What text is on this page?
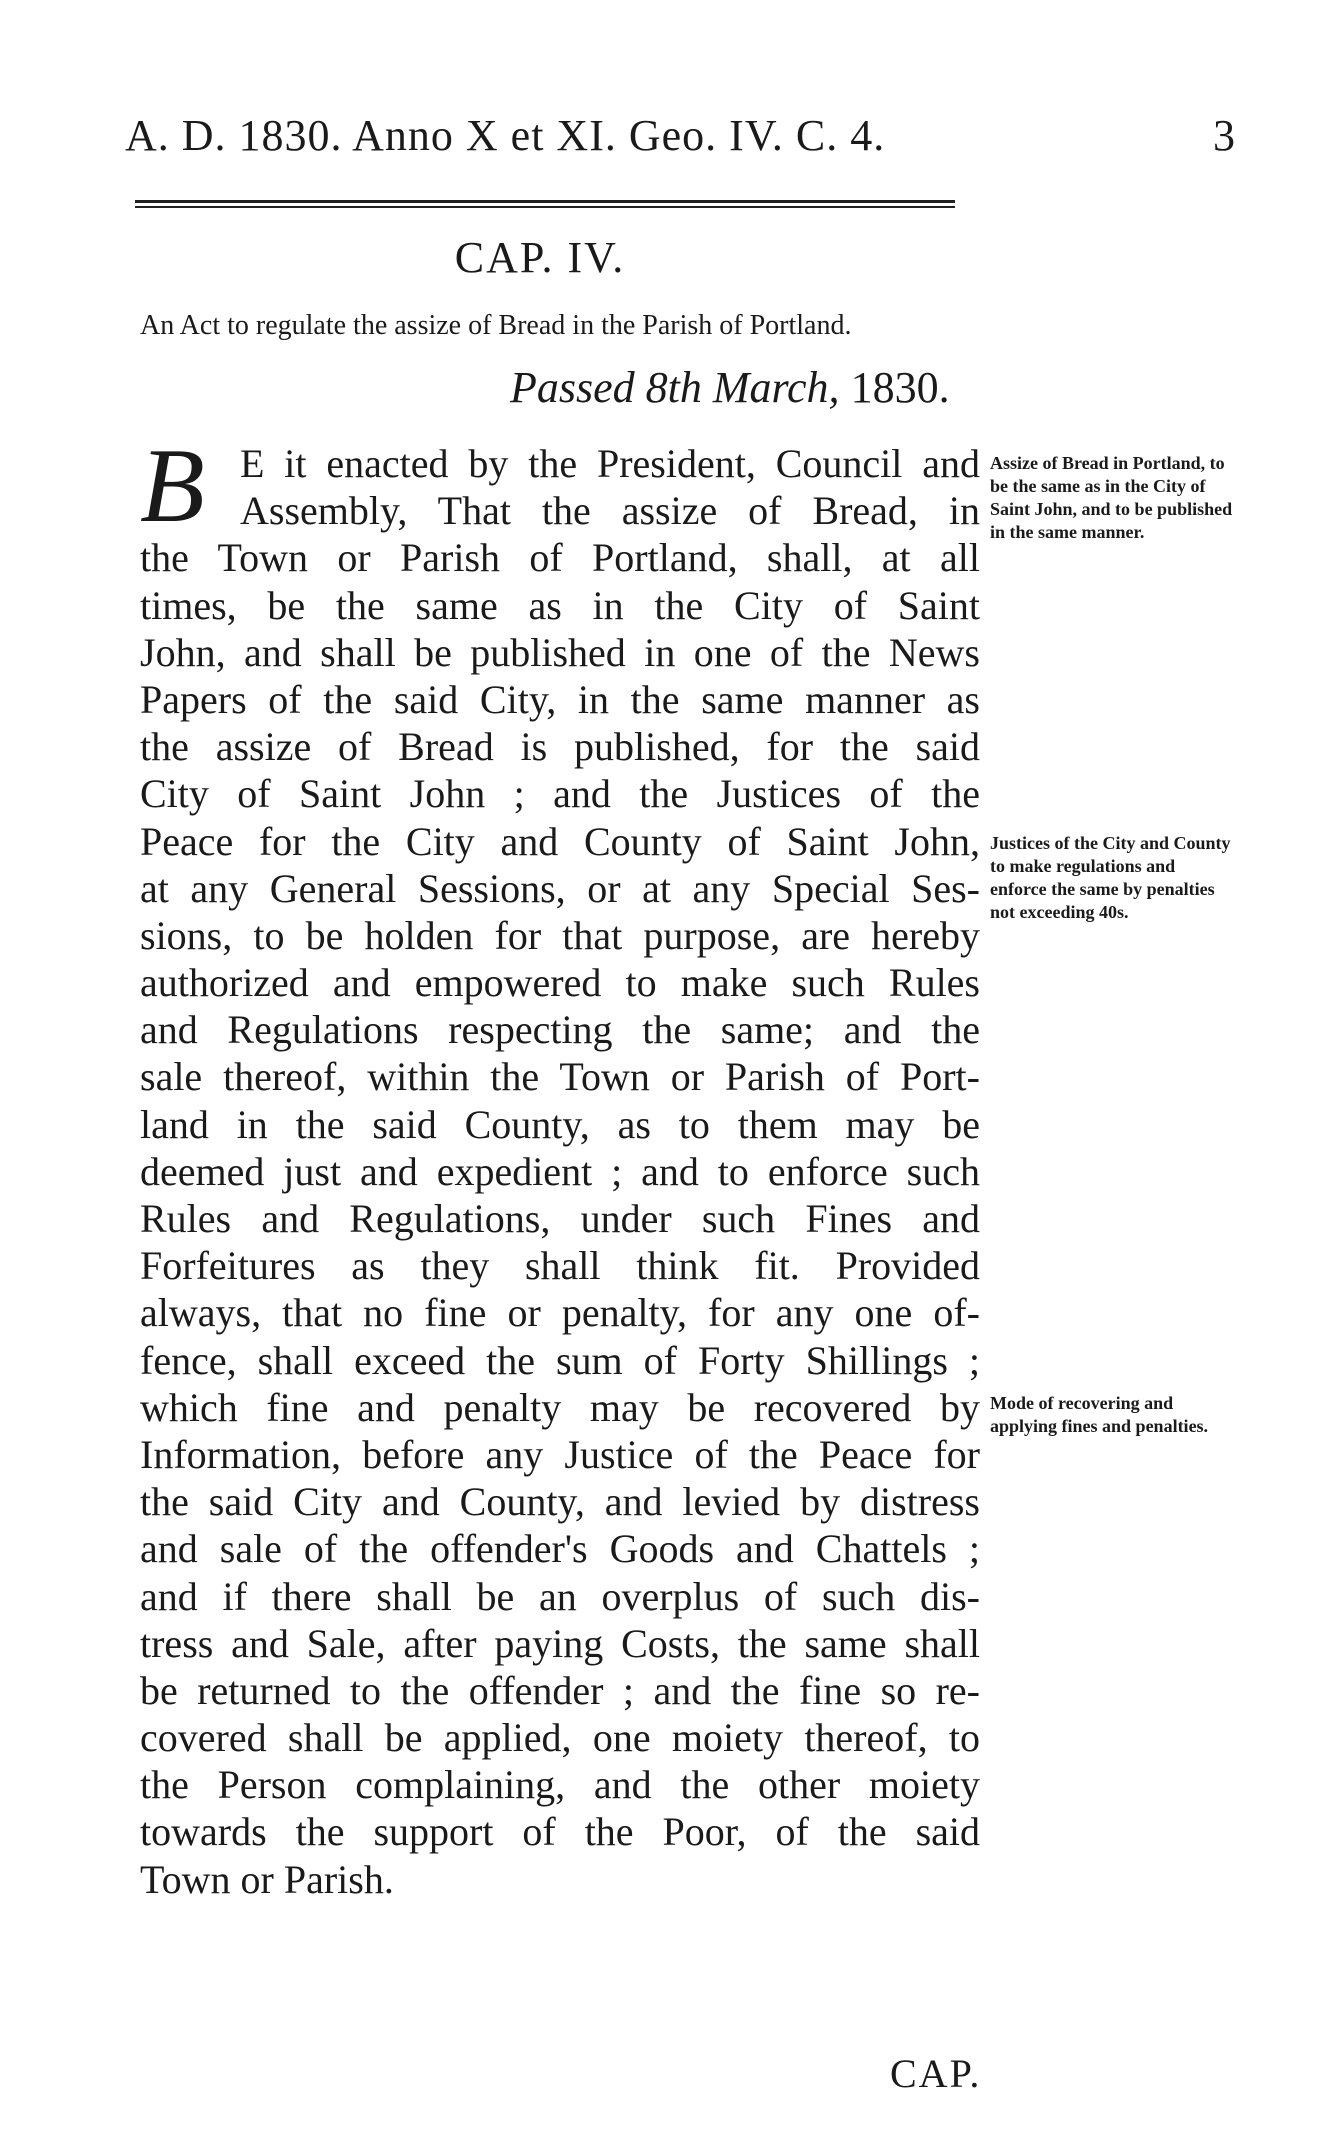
A. D. 1830. Anno X et XI. Geo. IV. C. 4.	3
CAP. IV.
An Act to regulate the assize of Bread in the Parish of Portland.
Passed 8th March, 1830.
B E it enacted by the President, Council and
Assembly, That the assize of Bread, in
the Town or Parish of Portland, shall, at all
times, be the same as in the City of Saint
John, and shall be published in one of the News
Papers of the said City, in the same manner as
the assize of Bread is published, for the said
City of Saint John ; and the Justices of the
Peace for the City and County of Saint John,
at any General Sessions, or at any Special Ses-
sions, to be holden for that purpose, are hereby
authorized and empowered to make such Rules
and Regulations respecting the same; and the
sale thereof, within the Town or Parish of Port-
land in the said County, as to them may be
deemed just and expedient ; and to enforce such
Rules and Regulations, under such Fines and
Forfeitures as they shall think fit. Provided
always, that no fine or penalty, for any one of-
fence, shall exceed the sum of Forty Shillings ;
which fine and penalty may be recovered by
Information, before any Justice of the Peace for
the said City and County, and levied by distress
and sale of the offender's Goods and Chattels ;
and if there shall be an overplus of such dis-
tress and Sale, after paying Costs, the same shall
be returned to the offender ; and the fine so re-
covered shall be applied, one moiety thereof, to
the Person complaining, and the other moiety
towards the support of the Poor, of the said
Town or Parish.
Assize of Bread in Portland, to be the same as in the City of Saint John, and to be published in the same manner.
Justices of the City and County to make regulations and enforce the same by penalties not exceeding 40s.
Mode of recovering and applying fines and penalties.
CAP.
